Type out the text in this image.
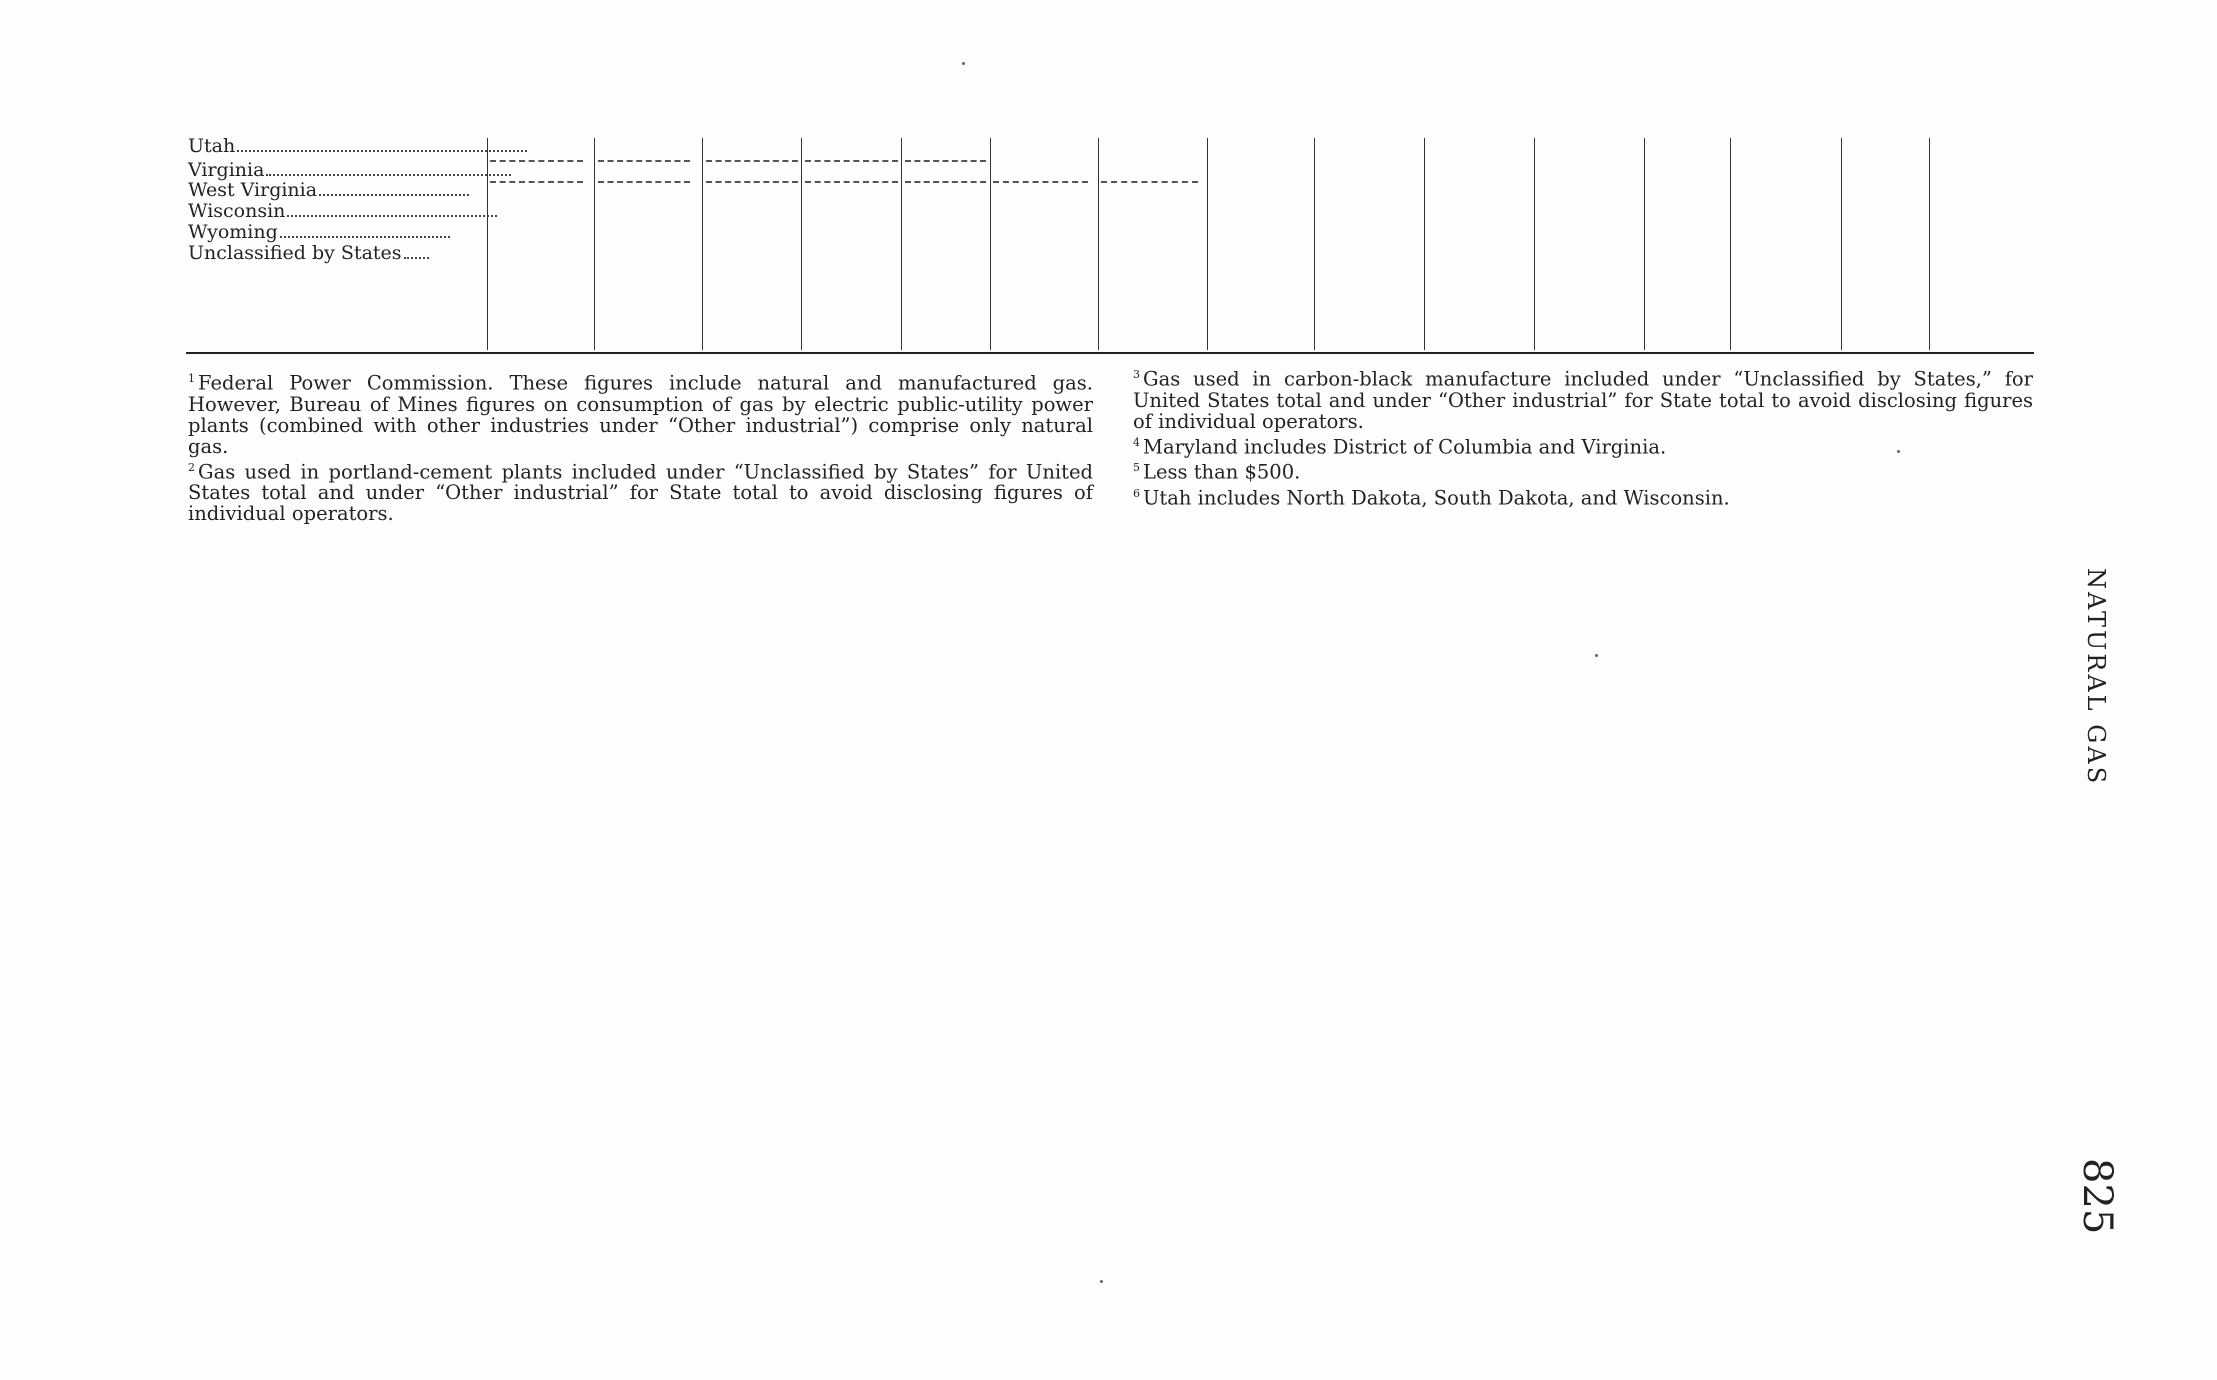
Utah
Virginia
West Virginia
Wisconsin
Wyoming
Unclassified by States

$^1$ Federal Power Commission. These figures include natural and manufactured gas. However, Bureau of Mines figures on consumption of gas by electric public-utility power plants (combined with other industries under “Other industrial”) comprise only natural gas.

$^2$ Gas used in portland-cement plants included under “Unclassified by States” for United States total and under “Other industrial” for State total to avoid disclosing figures of individual operators.

$^3$ Gas used in carbon-black manufacture included under “Unclassified by States,” for United States total and under “Other industrial” for State total to avoid disclosing figures of individual operators.

$^4$ Maryland includes District of Columbia and Virginia.

$^5$ Less than $500.

$^6$ Utah includes North Dakota, South Dakota, and Wisconsin.

NATURAL GAS
825
